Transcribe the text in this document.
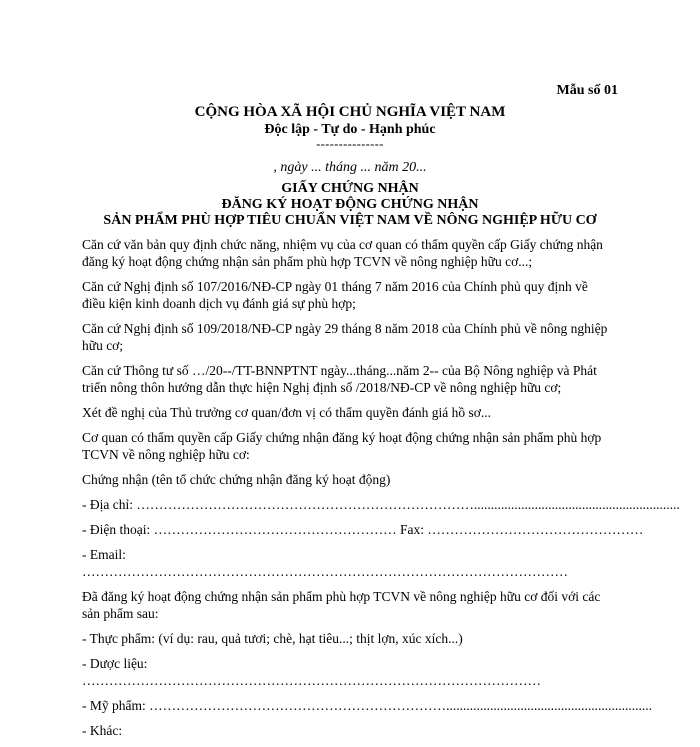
Mẫu số 01
CỘNG HÒA XÃ HỘI CHỦ NGHĨA VIỆT NAM
Độc lập - Tự do - Hạnh phúc
---------------
, ngày ... tháng ... năm 20...
GIẤY CHỨNG NHẬN
ĐĂNG KÝ HOẠT ĐỘNG CHỨNG NHẬN
SẢN PHẨM PHÙ HỢP TIÊU CHUẨN VIỆT NAM VỀ NÔNG NGHIỆP HỮU CƠ
Căn cứ văn bản quy định chức năng, nhiệm vụ của cơ quan có thẩm quyền cấp Giấy chứng nhận
đăng ký hoạt động chứng nhận sản phẩm phù hợp TCVN về nông nghiệp hữu cơ...;
Căn cứ Nghị định số 107/2016/NĐ-CP ngày 01 tháng 7 năm 2016 của Chính phủ quy định về
điều kiện kinh doanh dịch vụ đánh giá sự phù hợp;
Căn cứ Nghị định số 109/2018/NĐ-CP ngày 29 tháng 8 năm 2018 của Chính phủ về nông nghiệp
hữu cơ;
Căn cứ Thông tư số …/20--/TT-BNNPTNT ngày...tháng...năm 2-- của Bộ Nông nghiệp và Phát
triển nông thôn hướng dẫn thực hiện Nghị định số /2018/NĐ-CP về nông nghiệp hữu cơ;
Xét đề nghị của Thủ trưởng cơ quan/đơn vị có thẩm quyền đánh giá hồ sơ...
Cơ quan có thẩm quyền cấp Giấy chứng nhận đăng ký hoạt động chứng nhận sản phẩm phù hợp
TCVN về nông nghiệp hữu cơ:
Chứng nhận (tên tổ chức chứng nhận đăng ký hoạt động)
- Địa chỉ: ………………………………………………………………….............................................................
- Điện thoại: ……………………………………………… Fax: …………………………………………
- Email:
………………………………………………………………………………………………
Đã đăng ký hoạt động chứng nhận sản phẩm phù hợp TCVN về nông nghiệp hữu cơ đối với các
sản phẩm sau:
- Thực phẩm: (ví dụ: rau, quả tươi; chè, hạt tiêu...; thịt lợn, xúc xích...)
- Dược liệu:
…………………………………………………………………………………………
- Mỹ phẩm: ………………………………………………………….............................................................
- Khác:
